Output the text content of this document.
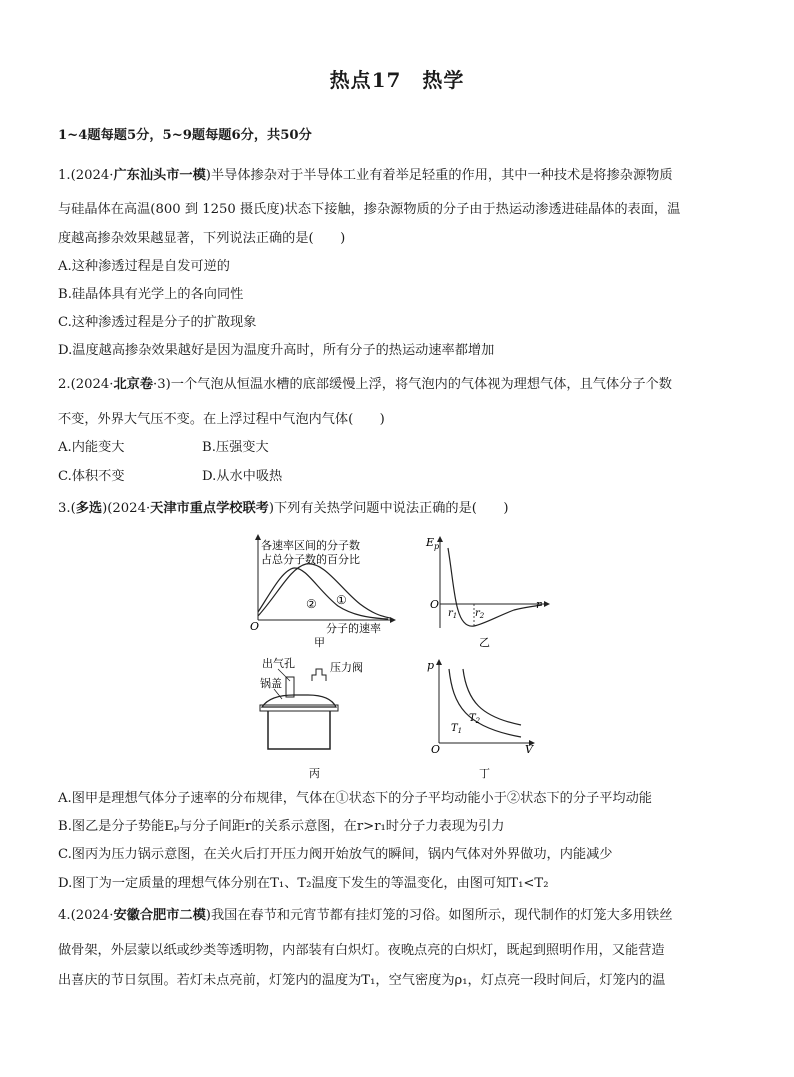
热点17　热学
1~4题每题5分，5~9题每题6分，共50分
1.(2024·广东汕头市一模)半导体掺杂对于半导体工业有着举足轻重的作用，其中一种技术是将掺杂源物质
与硅晶体在高温(800 到 1250 摄氏度)状态下接触，掺杂源物质的分子由于热运动渗透进硅晶体的表面，温
度越高掺杂效果越显著，下列说法正确的是(　　)
A.这种渗透过程是自发可逆的
B.硅晶体具有光学上的各向同性
C.这种渗透过程是分子的扩散现象
D.温度越高掺杂效果越好是因为温度升高时，所有分子的热运动速率都增加
2.(2024·北京卷·3)一个气泡从恒温水槽的底部缓慢上浮，将气泡内的气体视为理想气体，且气体分子个数
不变，外界大气压不变。在上浮过程中气泡内气体(　　)
A.内能变大	B.压强变大
C.体积不变	D.从水中吸热
3.(多选)(2024·天津市重点学校联考)下列有关热学问题中说法正确的是(　　)
各速率区间的分子数
占总分子数的百分比
①
②
O	分子的速率
甲
$E_p$
O
$r_1$ $r_2$
r
乙
出气孔	压力阀
锅盖
丙
p
O	V
$T_1$
$T_2$
丁
A.图甲是理想气体分子速率的分布规律，气体在①状态下的分子平均动能小于②状态下的分子平均动能
B.图乙是分子势能Eₚ与分子间距r的关系示意图，在r>r₁时分子力表现为引力
C.图丙为压力锅示意图，在关火后打开压力阀开始放气的瞬间，锅内气体对外界做功，内能减少
D.图丁为一定质量的理想气体分别在T₁、T₂温度下发生的等温变化，由图可知T₁<T₂
4.(2024·安徽合肥市二模)我国在春节和元宵节都有挂灯笼的习俗。如图所示，现代制作的灯笼大多用铁丝
做骨架，外层蒙以纸或纱类等透明物，内部装有白炽灯。夜晚点亮的白炽灯，既起到照明作用，又能营造
出喜庆的节日氛围。若灯未点亮前，灯笼内的温度为T₁，空气密度为ρ₁，灯点亮一段时间后，灯笼内的温
